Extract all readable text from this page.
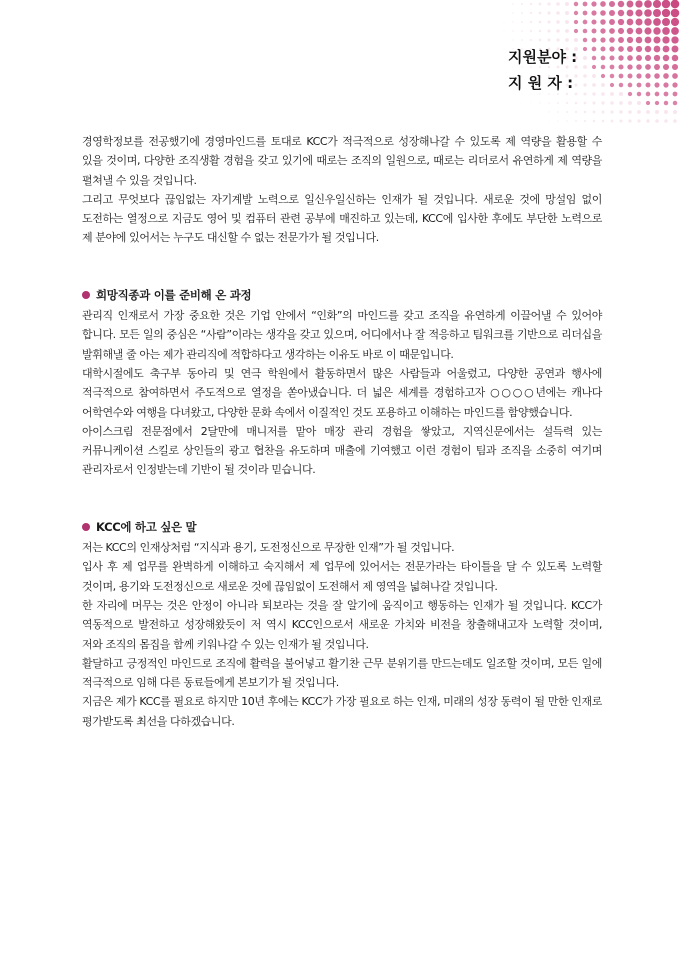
지원분야 :
지 원 자 :

경영학정보를 전공했기에 경영마인드를 토대로 KCC가 적극적으로 성장해나갈 수 있도록 제 역량을 활용할 수 있을 것이며, 다양한 조직생활 경험을 갖고 있기에 때로는 조직의 일원으로, 때로는 리더로서 유연하게 제 역량을 펼쳐낼 수 있을 것입니다.

그리고 무엇보다 끊임없는 자기계발 노력으로 일신우일신하는 인재가 될 것입니다. 새로운 것에 망설임 없이 도전하는 열정으로 지금도 영어 및 컴퓨터 관련 공부에 매진하고 있는데, KCC에 입사한 후에도 부단한 노력으로 제 분야에 있어서는 누구도 대신할 수 없는 전문가가 될 것입니다.

희망직종과 이를 준비해 온 과정

관리직 인재로서 가장 중요한 것은 기업 안에서 “인화”의 마인드를 갖고 조직을 유연하게 이끌어낼 수 있어야 합니다. 모든 일의 중심은 “사람”이라는 생각을 갖고 있으며, 어디에서나 잘 적응하고 팀워크를 기반으로 리더십을 발휘해낼 줄 아는 제가 관리직에 적합하다고 생각하는 이유도 바로 이 때문입니다.

대학시절에도 축구부 동아리 및 연극 학원에서 활동하면서 많은 사람들과 어울렸고, 다양한 공연과 행사에 적극적으로 참여하면서 주도적으로 열정을 쏟아냈습니다. 더 넓은 세계를 경험하고자 ○○○○년에는 캐나다 어학연수와 여행을 다녀왔고, 다양한 문화 속에서 이질적인 것도 포용하고 이해하는 마인드를 함양했습니다.

아이스크림 전문점에서 2달만에 매니저를 맡아 매장 관리 경험을 쌓았고, 지역신문에서는 설득력 있는 커뮤니케이션 스킬로 상인들의 광고 협찬을 유도하며 매출에 기여했고 이런 경험이 팀과 조직을 소중히 여기며 관리자로서 인정받는데 기반이 될 것이라 믿습니다.

KCC에 하고 싶은 말

저는 KCC의 인재상처럼 “지식과 용기, 도전정신으로 무장한 인재”가 될 것입니다.

입사 후 제 업무를 완벽하게 이해하고 숙지해서 제 업무에 있어서는 전문가라는 타이틀을 달 수 있도록 노력할 것이며, 용기와 도전정신으로 새로운 것에 끊임없이 도전해서 제 영역을 넓혀나갈 것입니다.

한 자리에 머무는 것은 안정이 아니라 퇴보라는 것을 잘 알기에 움직이고 행동하는 인재가 될 것입니다. KCC가 역동적으로 발전하고 성장해왔듯이 저 역시 KCC인으로서 새로운 가치와 비전을 창출해내고자 노력할 것이며, 저와 조직의 몸집을 함께 키워나갈 수 있는 인재가 될 것입니다.

활달하고 긍정적인 마인드로 조직에 활력을 불어넣고 활기찬 근무 분위기를 만드는데도 일조할 것이며, 모든 일에 적극적으로 임해 다른 동료들에게 본보기가 될 것입니다.

지금은 제가 KCC를 필요로 하지만 10년 후에는 KCC가 가장 필요로 하는 인재, 미래의 성장 동력이 될 만한 인재로 평가받도록 최선을 다하겠습니다.
